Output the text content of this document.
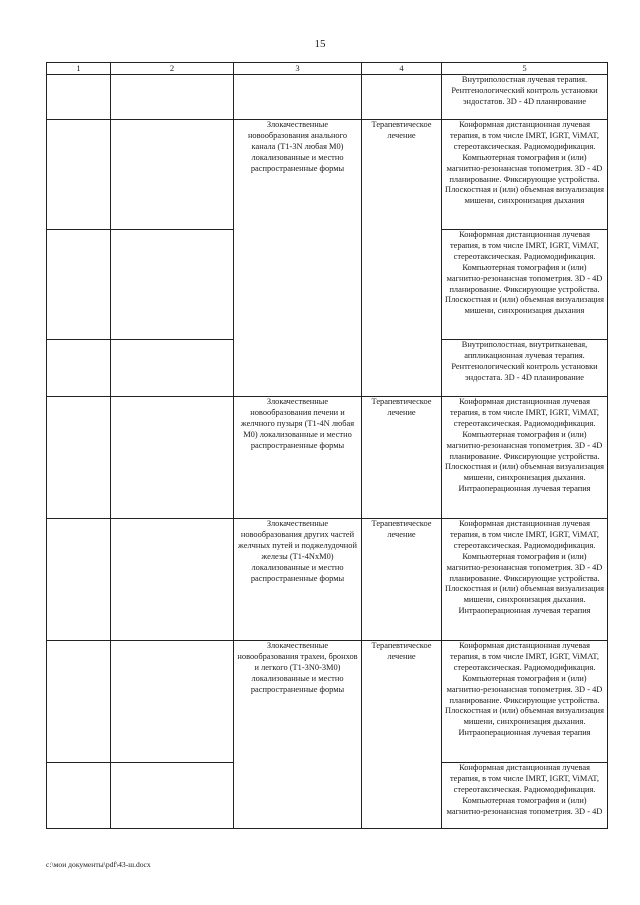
15
1	2	3	4	5
				Внутриполостная лучевая терапия. Рентгенологический контроль установки эндостатов. 3D - 4D планирование
		Злокачественные новообразования анального канала (T1-3N любая M0) локализованные и местно распространенные формы	Терапевтическое лечение	Конформная дистанционная лучевая терапия, в том числе IMRT, IGRT, ViMAT, стереотаксическая. Радиомодификация. Компьютерная томография и (или) магнитно-резонансная топометрия. 3D - 4D планирование. Фиксирующие устройства. Плоскостная и (или) объемная визуализация мишени, синхронизация дыхания
				Конформная дистанционная лучевая терапия, в том числе IMRT, IGRT, ViMAT, стереотаксическая. Радиомодификация. Компьютерная томография и (или) магнитно-резонансная топометрия. 3D - 4D планирование. Фиксирующие устройства. Плоскостная и (или) объемная визуализация мишени, синхронизация дыхания
				Внутриполостная, внутритканевая, аппликационная лучевая терапия. Рентгенологический контроль установки эндостата. 3D - 4D планирование
		Злокачественные новообразования печени и желчного пузыря (T1-4N любая M0) локализованные и местно распространенные формы	Терапевтическое лечение	Конформная дистанционная лучевая терапия, в том числе IMRT, IGRT, ViMAT, стереотаксическая. Радиомодификация. Компьютерная томография и (или) магнитно-резонансная топометрия. 3D - 4D планирование. Фиксирующие устройства. Плоскостная и (или) объемная визуализация мишени, синхронизация дыхания. Интраоперационная лучевая терапия
		Злокачественные новообразования других частей желчных путей и поджелудочной железы (T1-4NxM0) локализованные и местно распространенные формы	Терапевтическое лечение	Конформная дистанционная лучевая терапия, в том числе IMRT, IGRT, ViMAT, стереотаксическая. Радиомодификация. Компьютерная томография и (или) магнитно-резонансная топометрия. 3D - 4D планирование. Фиксирующие устройства. Плоскостная и (или) объемная визуализация мишени, синхронизация дыхания. Интраоперационная лучевая терапия
		Злокачественные новообразования трахеи, бронхов и легкого (T1-3N0-3M0) локализованные и местно распространенные формы	Терапевтическое лечение	Конформная дистанционная лучевая терапия, в том числе IMRT, IGRT, ViMAT, стереотаксическая. Радиомодификация. Компьютерная томография и (или) магнитно-резонансная топометрия. 3D - 4D планирование. Фиксирующие устройства. Плоскостная и (или) объемная визуализация мишени, синхронизация дыхания. Интраоперационная лучевая терапия
				Конформная дистанционная лучевая терапия, в том числе IMRT, IGRT, ViMAT, стереотаксическая. Радиомодификация. Компьютерная томография и (или) магнитно-резонансная топометрия. 3D - 4D
c:\мои документы\pdf\43-ш.docx
